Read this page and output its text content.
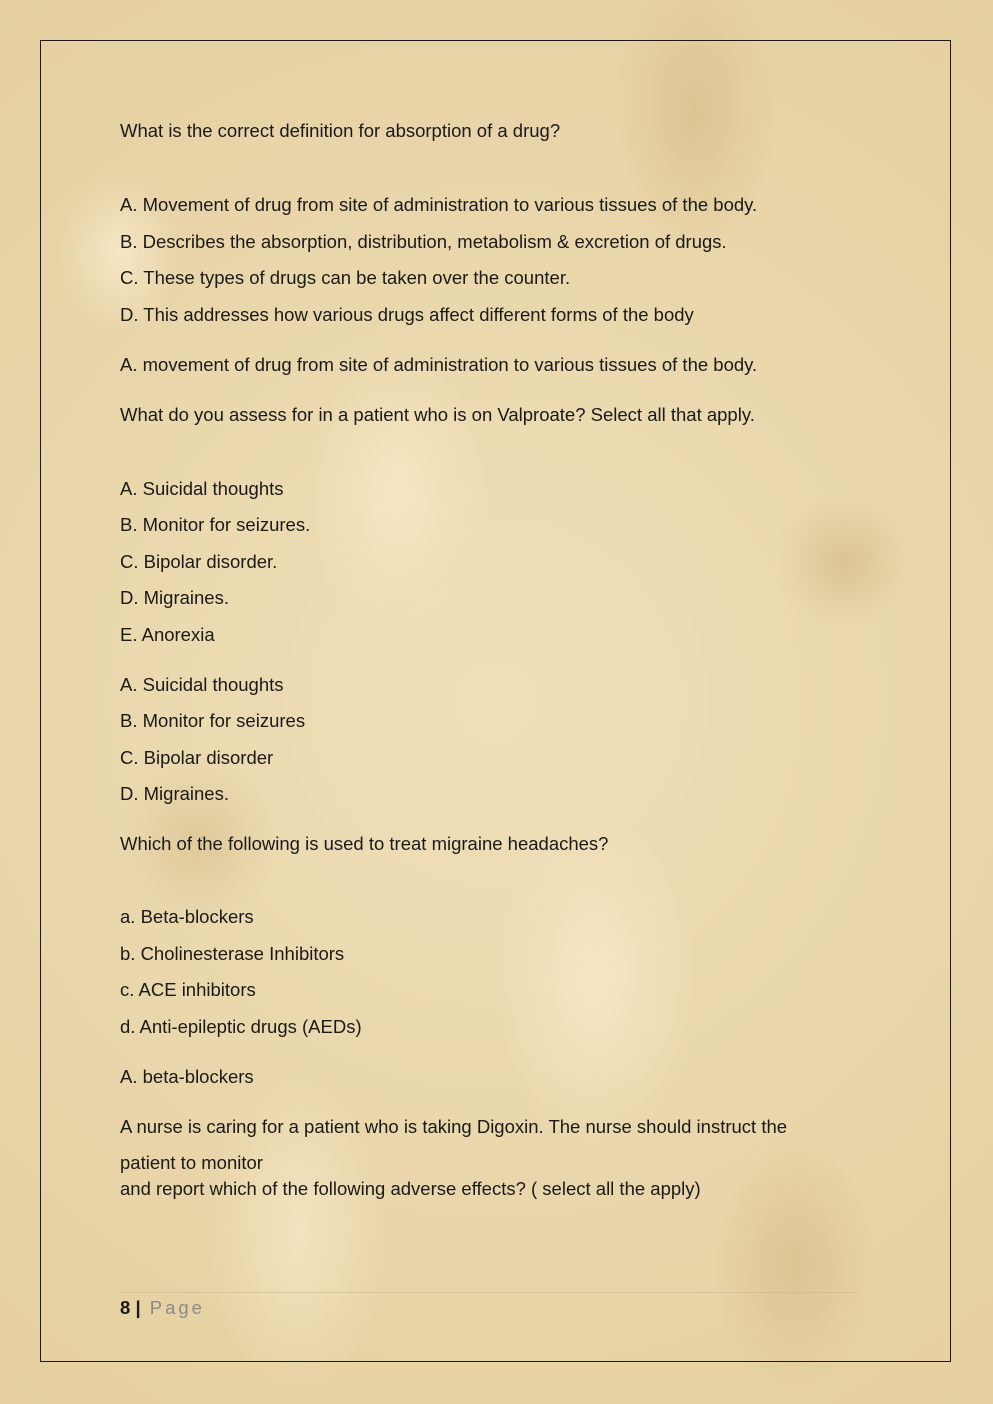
What is the correct definition for absorption of a drug?

A. Movement of drug from site of administration to various tissues of the body.

B. Describes the absorption, distribution, metabolism & excretion of drugs.

C. These types of drugs can be taken over the counter.

D. This addresses how various drugs affect different forms of the body

A. movement of drug from site of administration to various tissues of the body.

What do you assess for in a patient who is on Valproate? Select all that apply.

A. Suicidal thoughts

B. Monitor for seizures.

C. Bipolar disorder.

D. Migraines.

E. Anorexia

A. Suicidal thoughts

B. Monitor for seizures

C. Bipolar disorder

D. Migraines.

Which of the following is used to treat migraine headaches?

a. Beta-blockers

b. Cholinesterase Inhibitors

c. ACE inhibitors

d. Anti-epileptic drugs (AEDs)

A. beta-blockers

A nurse is caring for a patient who is taking Digoxin. The nurse should instruct the

patient to monitor

and report which of the following adverse effects? ( select all the apply)

8 | Page
